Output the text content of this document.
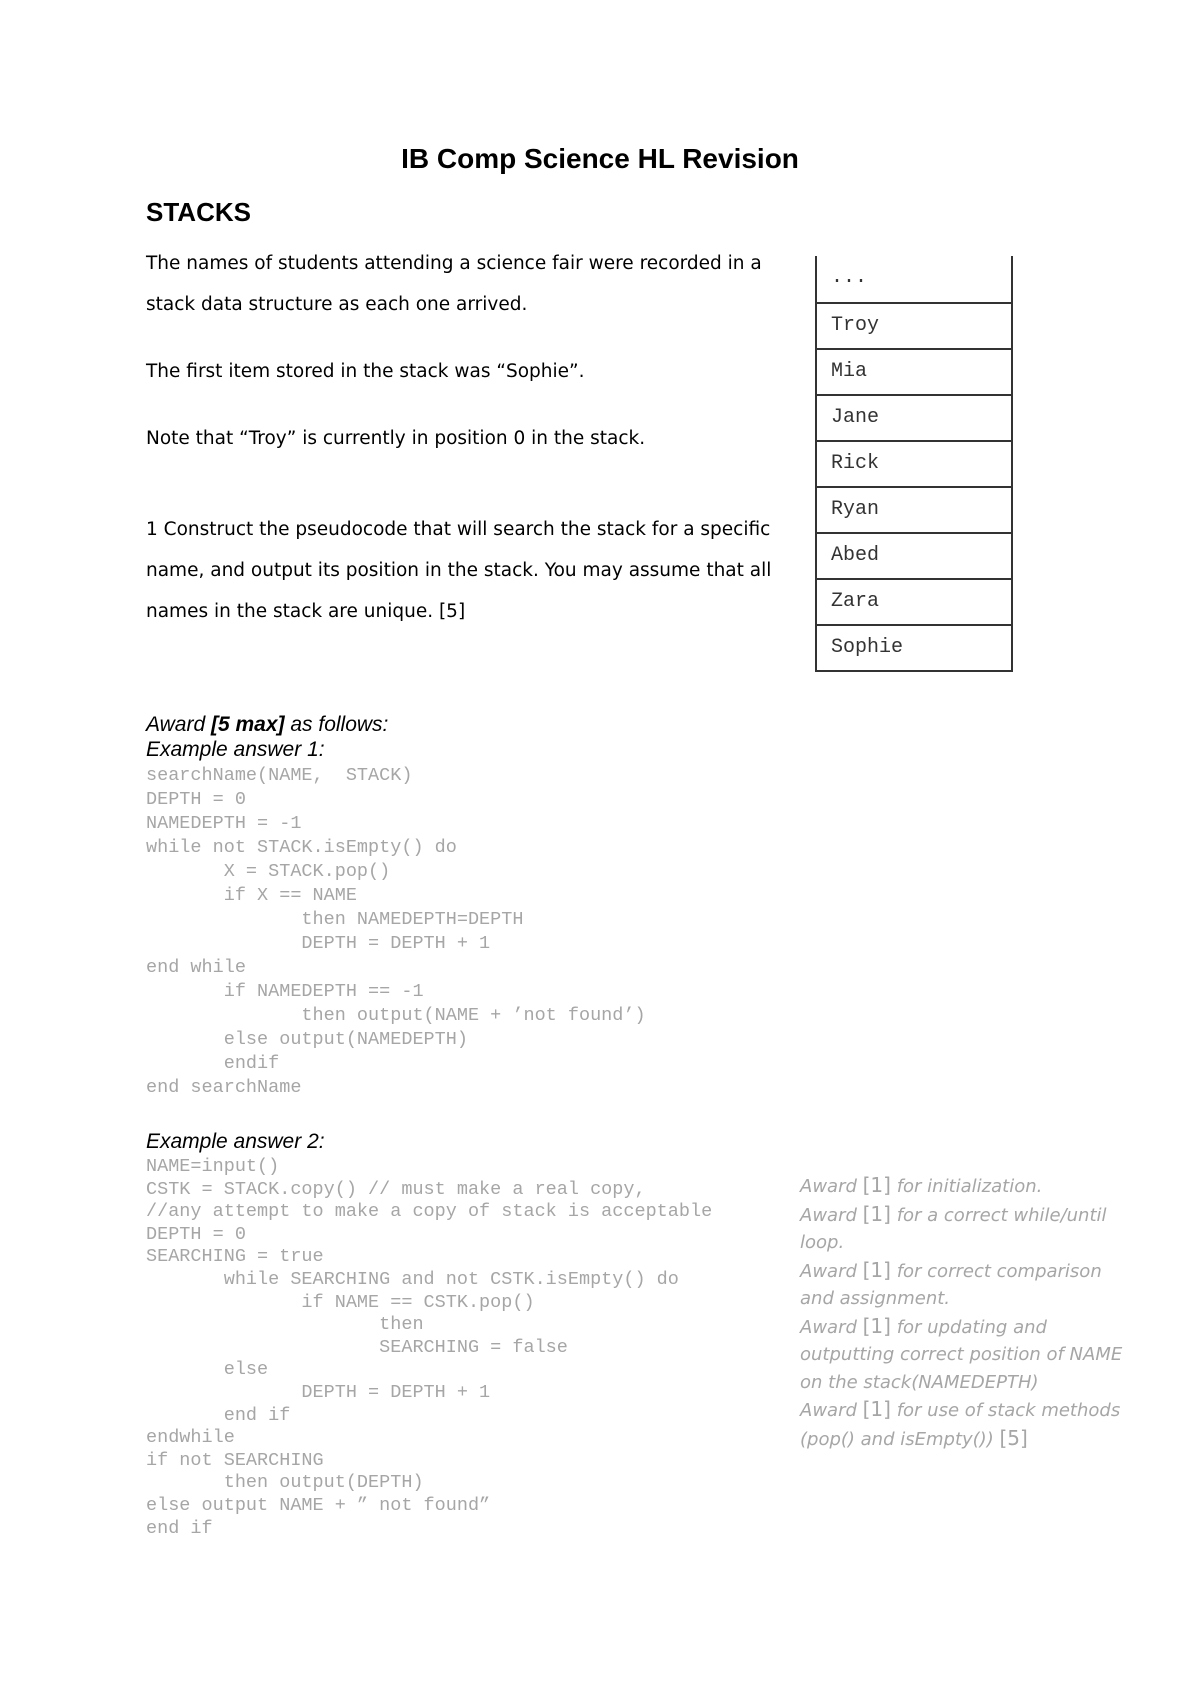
IB Comp Science HL Revision
STACKS
The names of students attending a science fair were recorded in a
stack data structure as each one arrived.
The first item stored in the stack was “Sophie”.
Note that “Troy” is currently in position 0 in the stack.
1 Construct the pseudocode that will search the stack for a specific
name, and output its position in the stack. You may assume that all
names in the stack are unique. [5]
...
Troy
Mia
Jane
Rick
Ryan
Abed
Zara
Sophie
Award [5 max] as follows:
Example answer 1:
searchName(NAME,  STACK)
DEPTH = 0
NAMEDEPTH = -1
while not STACK.isEmpty() do
X = STACK.pop()
if X == NAME
then NAMEDEPTH=DEPTH
DEPTH = DEPTH + 1
end while
if NAMEDEPTH == -1
then output(NAME + ’not found’)
else output(NAMEDEPTH)
endif
end searchName
Example answer 2:
NAME=input()
CSTK = STACK.copy() // must make a real copy,
//any attempt to make a copy of stack is acceptable
DEPTH = 0
SEARCHING = true
while SEARCHING and not CSTK.isEmpty() do
if NAME == CSTK.pop()
then
SEARCHING = false
else
DEPTH = DEPTH + 1
end if
endwhile
if not SEARCHING
then output(DEPTH)
else output NAME + ” not found”
end if
Award [1] for initialization.
Award [1] for a correct while/until loop.
Award [1] for correct comparison and assignment.
Award [1] for updating and outputting correct position of NAME on the stack(NAMEDEPTH)
Award [1] for use of stack methods (pop() and isEmpty()) [5]
